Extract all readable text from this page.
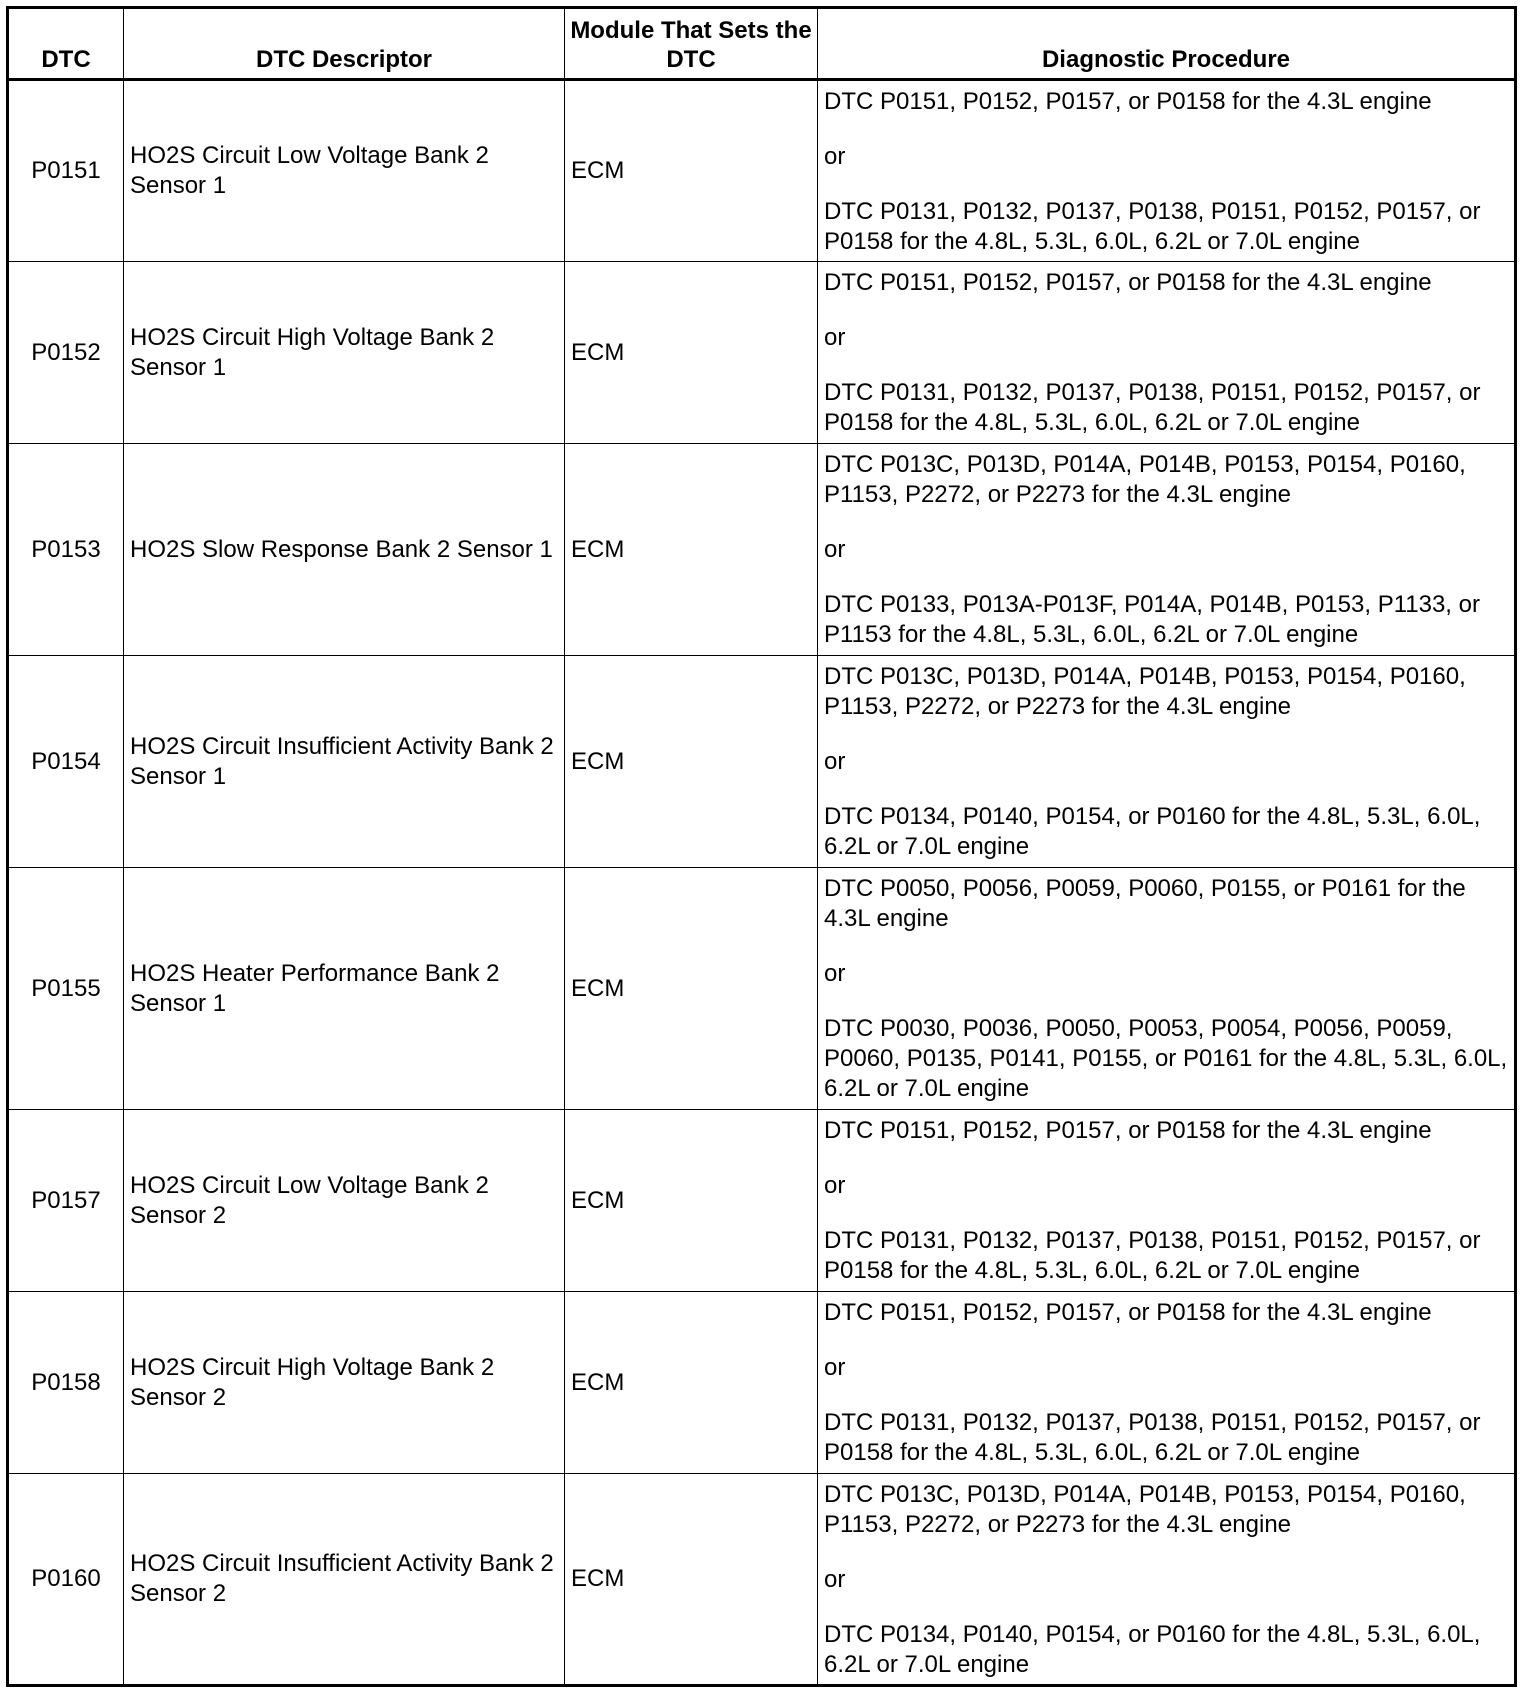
DTC	DTC Descriptor	Module That Sets the DTC	Diagnostic Procedure
P0151	HO2S Circuit Low Voltage Bank 2 Sensor 1	ECM	DTC P0151, P0152, P0157, or P0158 for the 4.3L engine

or

DTC P0131, P0132, P0137, P0138, P0151, P0152, P0157, or P0158 for the 4.8L, 5.3L, 6.0L, 6.2L or 7.0L engine

P0152	HO2S Circuit High Voltage Bank 2 Sensor 1	ECM	DTC P0151, P0152, P0157, or P0158 for the 4.3L engine

or

DTC P0131, P0132, P0137, P0138, P0151, P0152, P0157, or P0158 for the 4.8L, 5.3L, 6.0L, 6.2L or 7.0L engine

P0153	HO2S Slow Response Bank 2 Sensor 1	ECM	DTC P013C, P013D, P014A, P014B, P0153, P0154, P0160, P1153, P2272, or P2273 for the 4.3L engine

or

DTC P0133, P013A-P013F, P014A, P014B, P0153, P1133, or P1153 for the 4.8L, 5.3L, 6.0L, 6.2L or 7.0L engine

P0154	HO2S Circuit Insufficient Activity Bank 2 Sensor 1	ECM	DTC P013C, P013D, P014A, P014B, P0153, P0154, P0160, P1153, P2272, or P2273 for the 4.3L engine

or

DTC P0134, P0140, P0154, or P0160 for the 4.8L, 5.3L, 6.0L, 6.2L or 7.0L engine

P0155	HO2S Heater Performance Bank 2 Sensor 1	ECM	DTC P0050, P0056, P0059, P0060, P0155, or P0161 for the 4.3L engine

or

DTC P0030, P0036, P0050, P0053, P0054, P0056, P0059, P0060, P0135, P0141, P0155, or P0161 for the 4.8L, 5.3L, 6.0L, 6.2L or 7.0L engine

P0157	HO2S Circuit Low Voltage Bank 2 Sensor 2	ECM	DTC P0151, P0152, P0157, or P0158 for the 4.3L engine

or

DTC P0131, P0132, P0137, P0138, P0151, P0152, P0157, or P0158 for the 4.8L, 5.3L, 6.0L, 6.2L or 7.0L engine

P0158	HO2S Circuit High Voltage Bank 2 Sensor 2	ECM	DTC P0151, P0152, P0157, or P0158 for the 4.3L engine

or

DTC P0131, P0132, P0137, P0138, P0151, P0152, P0157, or P0158 for the 4.8L, 5.3L, 6.0L, 6.2L or 7.0L engine

P0160	HO2S Circuit Insufficient Activity Bank 2 Sensor 2	ECM	DTC P013C, P013D, P014A, P014B, P0153, P0154, P0160, P1153, P2272, or P2273 for the 4.3L engine

or

DTC P0134, P0140, P0154, or P0160 for the 4.8L, 5.3L, 6.0L, 6.2L or 7.0L engine
